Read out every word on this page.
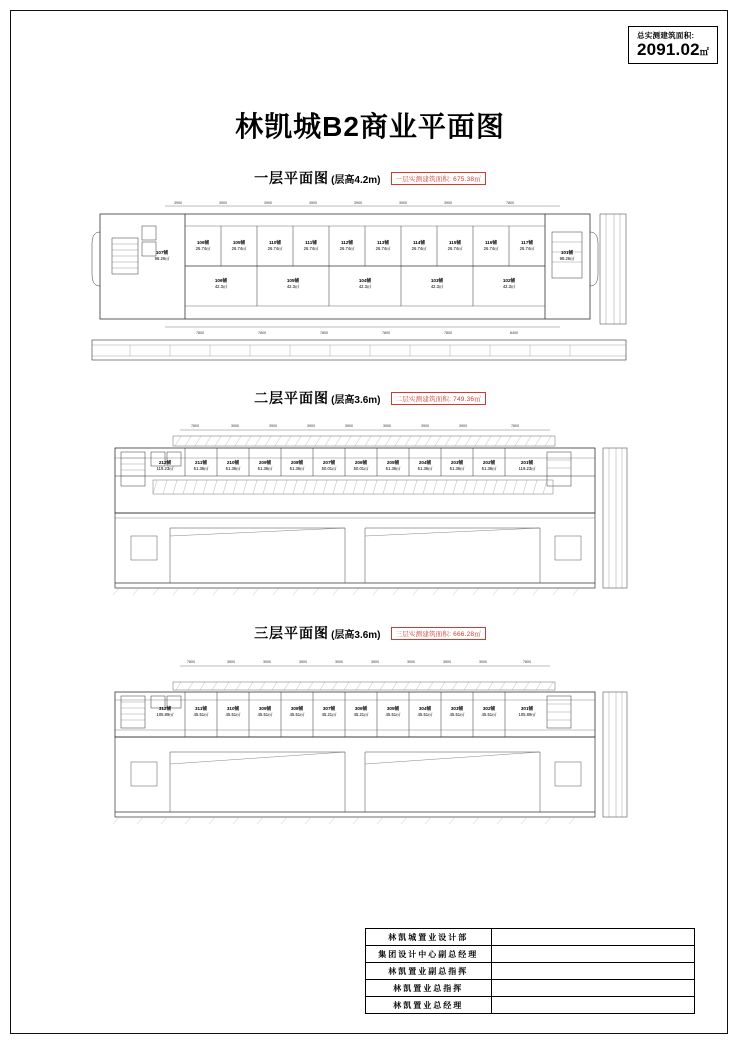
总实测建筑面积:
2091.02㎡
林凯城B2商业平面图
一层平面图 (层高4.2m) 一层实测建筑面积: 675.38㎡
3900	3900	3900	3900	3900	3900	3900	7800
7800	7800	7800	7800	7800	8400
107铺
98.26㎡
106铺
26.74㎡
105铺
26.74㎡
110铺
26.74㎡
111铺
26.74㎡
112铺
26.74㎡
113铺
26.74㎡
114铺
26.74㎡
115铺
26.74㎡
116铺
26.74㎡
117铺
26.74㎡
101铺
98.26㎡
106铺
42.3㎡
105铺
42.3㎡
104铺
42.3㎡
103铺
42.3㎡
102铺
42.3㎡
二层平面图 (层高3.6m) 二层实测建筑面积: 749.36㎡
7800	3900	3900	3900	3900	3900	3900	3900	7800
212铺
119.23㎡
211铺
51.36㎡
210铺
51.36㎡
209铺
51.36㎡
208铺
51.36㎡
207铺
50.01㎡
206铺
50.01㎡
205铺
51.36㎡
204铺
51.36㎡
203铺
51.36㎡
202铺
51.36㎡
201铺
119.23㎡
三层平面图 (层高3.6m) 三层实测建筑面积: 666.28㎡
7800	3900	3900	3900	3900	3900	3900	3900	3900	7800
312铺
105.89㎡
311铺
45.51㎡
310铺
45.51㎡
309铺
45.51㎡
308铺
45.51㎡
307铺
45.21㎡
306铺
45.21㎡
305铺
45.51㎡
304铺
45.51㎡
303铺
45.51㎡
302铺
45.51㎡
301铺
105.89㎡
林凯城置业设计部	
集团设计中心副总经理	
林凯置业副总指挥	
林凯置业总指挥	
林凯置业总经理	
